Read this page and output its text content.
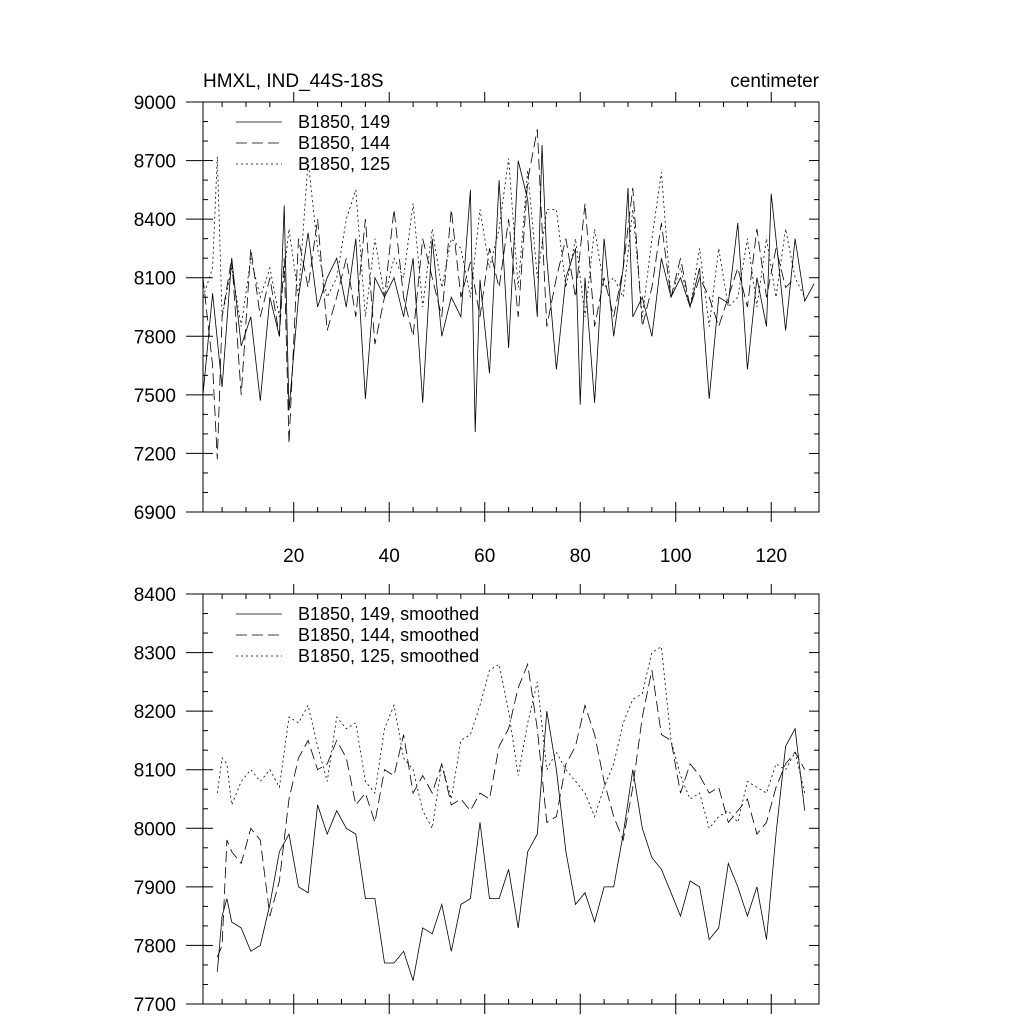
HMXL, IND_44S-18S	centimeter
6900
7200
7500
7800
8100
8400
8700
9000
20	40	60	80	100	120
B1850, 149
B1850, 144
B1850, 125
7700
7800
7900
8000
8100
8200
8300
8400
B1850, 149, smoothed
B1850, 144, smoothed
B1850, 125, smoothed
